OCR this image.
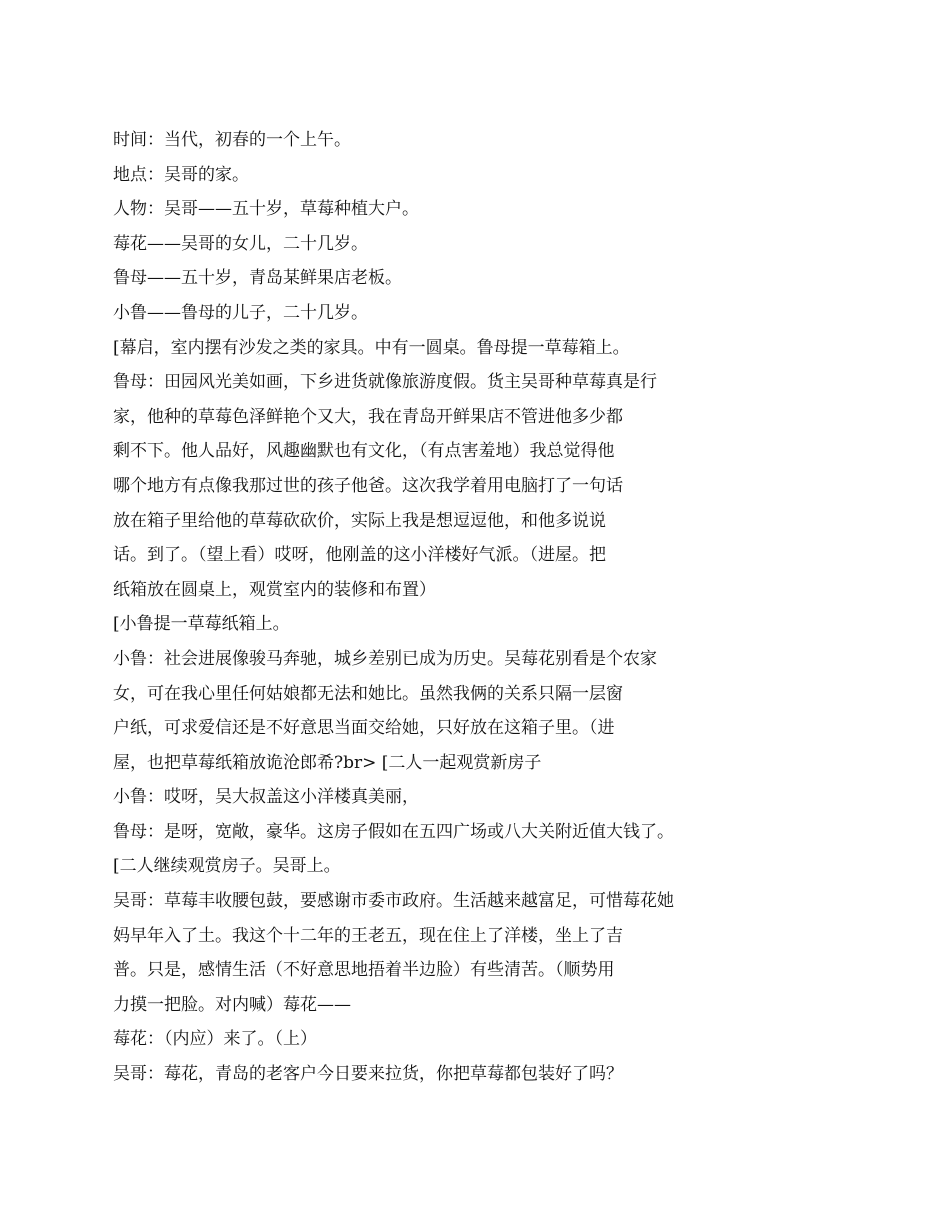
时间：当代，初春的一个上午。
地点：吴哥的家。
人物：吴哥——五十岁，草莓种植大户。
莓花——吴哥的女儿，二十几岁。
鲁母——五十岁，青岛某鲜果店老板。
小鲁——鲁母的儿子，二十几岁。
[幕启，室内摆有沙发之类的家具。中有一圆桌。鲁母提一草莓箱上。
鲁母：田园风光美如画，下乡进货就像旅游度假。货主吴哥种草莓真是行
家，他种的草莓色泽鲜艳个又大，我在青岛开鲜果店不管进他多少都
剩不下。他人品好，风趣幽默也有文化，（有点害羞地）我总觉得他
哪个地方有点像我那过世的孩子他爸。这次我学着用电脑打了一句话
放在箱子里给他的草莓砍砍价，实际上我是想逗逗他，和他多说说
话。到了。（望上看）哎呀，他刚盖的这小洋楼好气派。（进屋。把
纸箱放在圆桌上，观赏室内的装修和布置）
[小鲁提一草莓纸箱上。
小鲁：社会进展像骏马奔驰，城乡差别已成为历史。吴莓花别看是个农家
女，可在我心里任何姑娘都无法和她比。虽然我俩的关系只隔一层窗
户纸，可求爱信还是不好意思当面交给她，只好放在这箱子里。（进
屋，也把草莓纸箱放诡沧郎希?br> [二人一起观赏新房子
小鲁：哎呀，吴大叔盖这小洋楼真美丽，
鲁母：是呀，宽敞，豪华。这房子假如在五四广场或八大关附近值大钱了。
[二人继续观赏房子。吴哥上。
吴哥：草莓丰收腰包鼓，要感谢市委市政府。生活越来越富足，可惜莓花她
妈早年入了土。我这个十二年的王老五，现在住上了洋楼，坐上了吉
普。只是，感情生活（不好意思地捂着半边脸）有些清苦。（顺势用
力摸一把脸。对内喊）莓花——
莓花：（内应）来了。（上）
吴哥：莓花，青岛的老客户今日要来拉货，你把草莓都包装好了吗？
